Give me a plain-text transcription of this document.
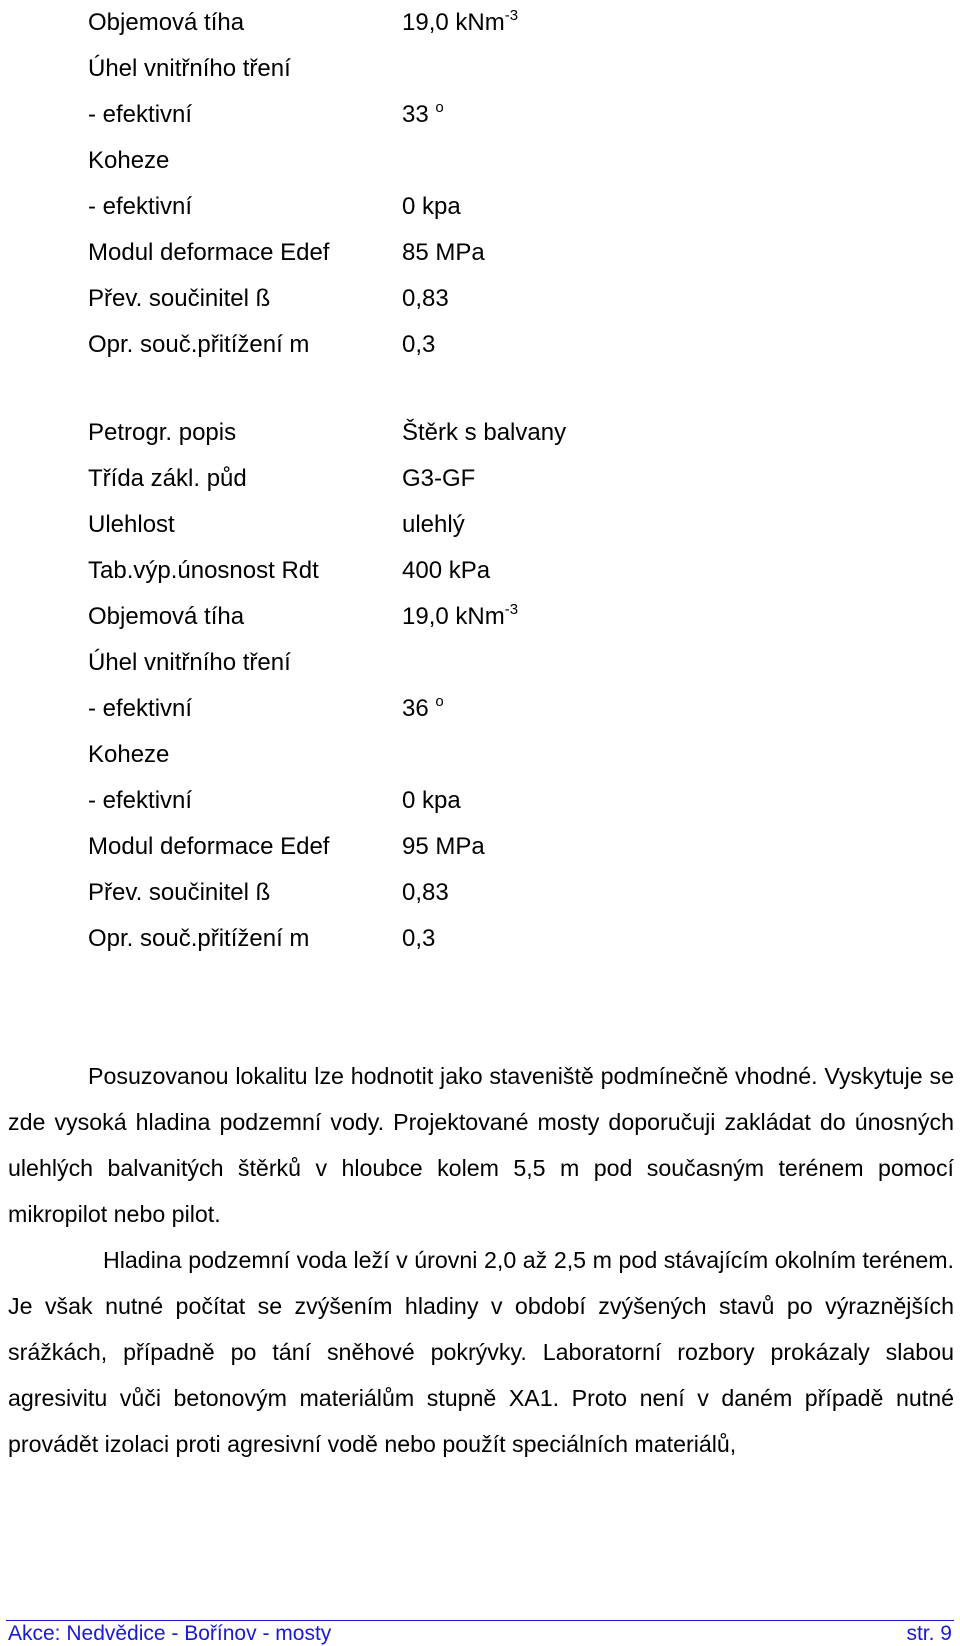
Objemová tíha	19,0 kNm$^{-3}$
Úhel vnitřního tření
- efektivní	33 $^o$
Koheze
- efektivní	0 kpa
Modul deformace Edef	85 MPa
Přev. součinitel ß	0,83
Opr. souč.přitížení m	0,3
Petrogr. popis	Štěrk s balvany
Třída zákl. půd	G3-GF
Ulehlost	ulehlý
Tab.výp.únosnost Rdt	400 kPa
Objemová tíha	19,0 kNm$^{-3}$
Úhel vnitřního tření
- efektivní	36 $^o$
Koheze
- efektivní	0 kpa
Modul deformace Edef	95 MPa
Přev. součinitel ß	0,83
Opr. souč.přitížení m	0,3

Posuzovanou lokalitu lze hodnotit jako staveniště podmínečně vhodné. Vyskytuje se zde vysoká hladina podzemní vody. Projektované mosty doporučuji zakládat do únosných ulehlých balvanitých štěrků v hloubce kolem 5,5 m pod současným terénem pomocí mikropilot nebo pilot.

Hladina podzemní voda leží v úrovni 2,0 až 2,5 m pod stávajícím okolním terénem. Je však nutné počítat se zvýšením hladiny v období zvýšených stavů po výraznějších srážkách, případně po tání sněhové pokrývky. Laboratorní rozbory prokázaly slabou agresivitu vůči betonovým materiálům stupně XA1. Proto není v daném případě nutné provádět izolaci proti agresivní vodě nebo použít speciálních materiálů,

Akce: Nedvědice - Bořínov - mosty	str. 9
